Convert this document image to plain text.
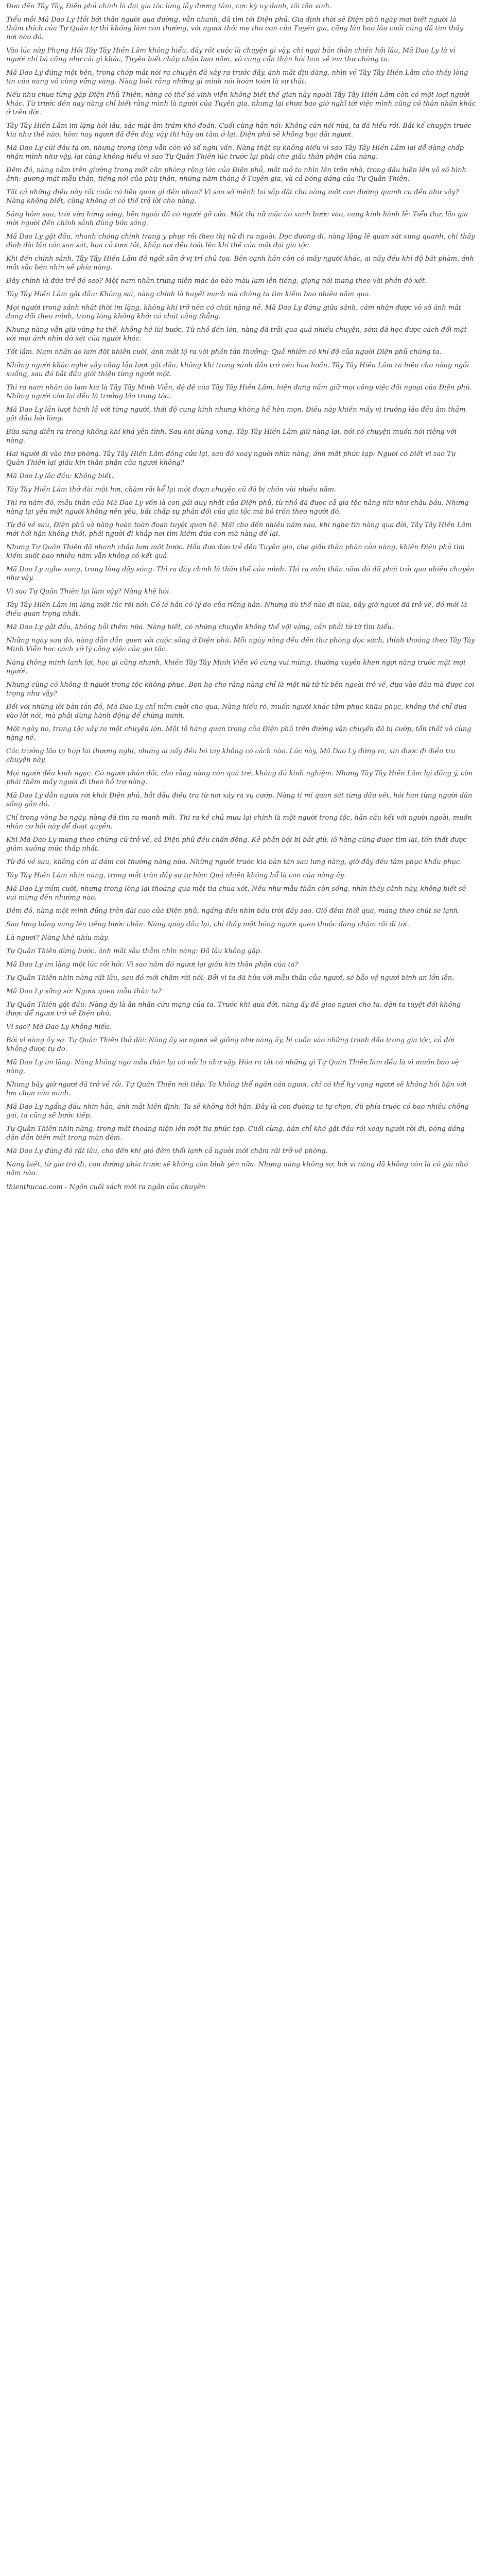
Đưa đến Tây Tây, Điện phủ chính là đại gia tộc lừng lẫy đương tâm, cực kỳ uy danh, tôi tôn vinh.

Tiểu mỗi Mã Dao Ly Hồi bởi thân người qua đường, vẫn nhanh, đã tìm tới Điện phủ. Gia định thời sẽ Điện phủ ngày mai biết người là thâm thích của Tự Quân tự thì không làm con thường, với người thôi mẹ thu con của Tuyên gia, cũng lâu bao lâu cuối cùng đã tìm thấy nơi nào đó.

Vào lúc này Phụng Hồi Tây Tây Hiền Lâm không hiểu, đây rốt cuộc là chuyện gì vậy, chỉ ngại bản thân chiến hồi lâu, Mã Dao Ly là vì người chỉ bá cũng như cái gì khác, Tuyên biết chấp nhận bao năm, vô cùng cẩn thận hỏi han về ma thư chúng ta.

Mã Dao Ly đứng một bên, trong chớp mắt nói ra chuyện đã xảy ra trước đây, ánh mắt dịu dàng, nhìn về Tây Tây Hiền Lâm cho thấy lòng tin của nàng vô cùng vững vàng. Nàng biết rằng những gì mình nói hoàn toàn là sự thật.

Nếu như chưa từng gặp Điện Phủ Thiên, nàng có thể sẽ vĩnh viễn không biết thế gian này ngoài Tây Tây Hiền Lâm còn có một loại người khác. Từ trước đến nay nàng chỉ biết rằng mình là người của Tuyên gia, nhưng lại chưa bao giờ nghĩ tới việc mình cũng có thân nhân khác ở trên đời.

Tây Tây Hiền Lâm im lặng hồi lâu, sắc mặt âm trầm khó đoán. Cuối cùng hắn nói: Không cần nói nữa, ta đã hiểu rồi. Bất kể chuyện trước kia như thế nào, hôm nay ngươi đã đến đây, vậy thì hãy an tâm ở lại. Điện phủ sẽ không bạc đãi ngươi.

Mã Dao Ly cúi đầu tạ ơn, nhưng trong lòng vẫn còn vô số nghi vấn. Nàng thật sự không hiểu vì sao Tây Tây Hiền Lâm lại dễ dàng chấp nhận mình như vậy, lại càng không hiểu vì sao Tự Quân Thiên lúc trước lại phải che giấu thân phận của nàng.

Đêm đó, nàng nằm trên giường trong một căn phòng rộng lớn của Điện phủ, mắt mở to nhìn lên trần nhà, trong đầu hiện lên vô số hình ảnh: gương mặt mẫu thân, tiếng nói của phụ thân, những năm tháng ở Tuyên gia, và cả bóng dáng của Tự Quân Thiên.

Tất cả những điều này rốt cuộc có liên quan gì đến nhau? Vì sao số mệnh lại sắp đặt cho nàng một con đường quanh co đến như vậy? Nàng không biết, cũng không ai có thể trả lời cho nàng.

Sáng hôm sau, trời vừa hửng sáng, bên ngoài đã có người gõ cửa. Một thị nữ mặc áo xanh bước vào, cung kính hành lễ: Tiểu thư, lão gia mời người đến chính sảnh dùng bữa sáng.

Mã Dao Ly gật đầu, nhanh chóng chỉnh trang y phục rồi theo thị nữ đi ra ngoài. Dọc đường đi, nàng lặng lẽ quan sát xung quanh, chỉ thấy đình đài lầu các san sát, hoa cỏ tươi tốt, khắp nơi đều toát lên khí thế của một đại gia tộc.

Khi đến chính sảnh, Tây Tây Hiền Lâm đã ngồi sẵn ở vị trí chủ tọa. Bên cạnh hắn còn có mấy người khác, ai nấy đều khí độ bất phàm, ánh mắt sắc bén nhìn về phía nàng.

Đây chính là đứa trẻ đó sao? Một nam nhân trung niên mặc áo bào màu lam lên tiếng, giọng nói mang theo vài phần dò xét.

Tây Tây Hiền Lâm gật đầu: Không sai, nàng chính là huyết mạch mà chúng ta tìm kiếm bao nhiêu năm qua.

Mọi người trong sảnh nhất thời im lặng, không khí trở nên có chút nặng nề. Mã Dao Ly đứng giữa sảnh, cảm nhận được vô số ánh mắt đang dõi theo mình, trong lòng không khỏi có chút căng thẳng.

Nhưng nàng vẫn giữ vững tư thế, không hề lùi bước. Từ nhỏ đến lớn, nàng đã trải qua quá nhiều chuyện, sớm đã học được cách đối mặt với mọi ánh nhìn dò xét của người khác.

Tốt lắm. Nam nhân áo lam đột nhiên cười, ánh mắt lộ ra vài phần tán thưởng: Quả nhiên có khí độ của người Điện phủ chúng ta.

Những người khác nghe vậy cũng lần lượt gật đầu, không khí trong sảnh dần trở nên hòa hoãn. Tây Tây Hiền Lâm ra hiệu cho nàng ngồi xuống, sau đó bắt đầu giới thiệu từng người một.

Thì ra nam nhân áo lam kia là Tây Tây Minh Viễn, đệ đệ của Tây Tây Hiền Lâm, hiện đang nắm giữ mọi công việc đối ngoại của Điện phủ. Những người còn lại đều là trưởng lão trong tộc.

Mã Dao Ly lần lượt hành lễ với từng người, thái độ cung kính nhưng không hề hèn mọn. Điều này khiến mấy vị trưởng lão đều âm thầm gật đầu hài lòng.

Bữa sáng diễn ra trong không khí khá yên tĩnh. Sau khi dùng xong, Tây Tây Hiền Lâm giữ nàng lại, nói có chuyện muốn nói riêng với nàng.

Hai người đi vào thư phòng. Tây Tây Hiền Lâm đóng cửa lại, sau đó xoay người nhìn nàng, ánh mắt phức tạp: Ngươi có biết vì sao Tự Quân Thiên lại giấu kín thân phận của ngươi không?

Mã Dao Ly lắc đầu: Không biết.

Tây Tây Hiền Lâm thở dài một hơi, chậm rãi kể lại một đoạn chuyện cũ đã bị chôn vùi nhiều năm.

Thì ra năm đó, mẫu thân của Mã Dao Ly vốn là con gái duy nhất của Điện phủ, từ nhỏ đã được cả gia tộc nâng niu như châu báu. Nhưng nàng lại yêu một người không nên yêu, bất chấp sự phản đối của gia tộc mà bỏ trốn theo người đó.

Từ đó về sau, Điện phủ và nàng hoàn toàn đoạn tuyệt quan hệ. Mãi cho đến nhiều năm sau, khi nghe tin nàng qua đời, Tây Tây Hiền Lâm mới hối hận không thôi, phái người đi khắp nơi tìm kiếm đứa con mà nàng để lại.

Nhưng Tự Quân Thiên đã nhanh chân hơn một bước. Hắn đưa đứa trẻ đến Tuyên gia, che giấu thân phận của nàng, khiến Điện phủ tìm kiếm suốt bao nhiêu năm vẫn không có kết quả.

Mã Dao Ly nghe xong, trong lòng dậy sóng. Thì ra đây chính là thân thế của mình. Thì ra mẫu thân năm đó đã phải trải qua nhiều chuyện như vậy.

Vì sao Tự Quân Thiên lại làm vậy? Nàng khẽ hỏi.

Tây Tây Hiền Lâm im lặng một lúc rồi nói: Có lẽ hắn có lý do của riêng hắn. Nhưng dù thế nào đi nữa, bây giờ ngươi đã trở về, đó mới là điều quan trọng nhất.

Mã Dao Ly gật đầu, không hỏi thêm nữa. Nàng biết, có những chuyện không thể vội vàng, cần phải từ từ tìm hiểu.

Những ngày sau đó, nàng dần dần quen với cuộc sống ở Điện phủ. Mỗi ngày nàng đều đến thư phòng đọc sách, thỉnh thoảng theo Tây Tây Minh Viễn học cách xử lý công việc của gia tộc.

Nàng thông minh lanh lợi, học gì cũng nhanh, khiến Tây Tây Minh Viễn vô cùng vui mừng, thường xuyên khen ngợi nàng trước mặt mọi người.

Nhưng cũng có không ít người trong tộc không phục. Bọn họ cho rằng nàng chỉ là một nữ tử từ bên ngoài trở về, dựa vào đâu mà được coi trọng như vậy?

Đối với những lời bàn tán đó, Mã Dao Ly chỉ mỉm cười cho qua. Nàng hiểu rõ, muốn người khác tâm phục khẩu phục, không thể chỉ dựa vào lời nói, mà phải dùng hành động để chứng minh.

Một ngày nọ, trong tộc xảy ra một chuyện lớn. Một lô hàng quan trọng của Điện phủ trên đường vận chuyển đã bị cướp, tổn thất vô cùng nặng nề.

Các trưởng lão tụ họp lại thương nghị, nhưng ai nấy đều bó tay không có cách nào. Lúc này, Mã Dao Ly đứng ra, xin được đi điều tra chuyện này.

Mọi người đều kinh ngạc. Có người phản đối, cho rằng nàng còn quá trẻ, không đủ kinh nghiệm. Nhưng Tây Tây Hiền Lâm lại đồng ý, còn phái thêm mấy người đi theo hỗ trợ nàng.

Mã Dao Ly dẫn người rời khỏi Điện phủ, bắt đầu điều tra từ nơi xảy ra vụ cướp. Nàng tỉ mỉ quan sát từng dấu vết, hỏi han từng người dân sống gần đó.

Chỉ trong vòng ba ngày, nàng đã tìm ra manh mối. Thì ra kẻ chủ mưu lại chính là một người trong tộc, hắn cấu kết với người ngoài, muốn nhân cơ hội này để đoạt quyền.

Khi Mã Dao Ly mang theo chứng cứ trở về, cả Điện phủ đều chấn động. Kẻ phản bội bị bắt giữ, lô hàng cũng được tìm lại, tổn thất được giảm xuống mức thấp nhất.

Từ đó về sau, không còn ai dám coi thường nàng nữa. Những người trước kia bàn tán sau lưng nàng, giờ đây đều tâm phục khẩu phục.

Tây Tây Hiền Lâm nhìn nàng, trong mắt tràn đầy sự tự hào: Quả nhiên không hổ là con của nàng ấy.

Mã Dao Ly mỉm cười, nhưng trong lòng lại thoáng qua một tia chua xót. Nếu như mẫu thân còn sống, nhìn thấy cảnh này, không biết sẽ vui mừng đến nhường nào.

Đêm đó, nàng một mình đứng trên đài cao của Điện phủ, ngẩng đầu nhìn bầu trời đầy sao. Gió đêm thổi qua, mang theo chút se lạnh.

Sau lưng bỗng vang lên tiếng bước chân. Nàng quay đầu lại, chỉ thấy một bóng người quen thuộc đang chậm rãi đi tới.

Là ngươi? Nàng khẽ nhíu mày.

Tự Quân Thiên dừng bước, ánh mắt sâu thẳm nhìn nàng: Đã lâu không gặp.

Mã Dao Ly im lặng một lúc rồi hỏi: Vì sao năm đó ngươi lại giấu kín thân phận của ta?

Tự Quân Thiên nhìn nàng rất lâu, sau đó mới chậm rãi nói: Bởi vì ta đã hứa với mẫu thân của ngươi, sẽ bảo vệ ngươi bình an lớn lên.

Mã Dao Ly sững sờ: Ngươi quen mẫu thân ta?

Tự Quân Thiên gật đầu: Nàng ấy là ân nhân cứu mạng của ta. Trước khi qua đời, nàng ấy đã giao ngươi cho ta, dặn ta tuyệt đối không được để ngươi trở về Điện phủ.

Vì sao? Mã Dao Ly không hiểu.

Bởi vì nàng ấy sợ. Tự Quân Thiên thở dài: Nàng ấy sợ ngươi sẽ giống như nàng ấy, bị cuốn vào những tranh đấu trong gia tộc, cả đời không được tự do.

Mã Dao Ly im lặng. Nàng không ngờ mẫu thân lại có nỗi lo như vậy. Hóa ra tất cả những gì Tự Quân Thiên làm đều là vì muốn bảo vệ nàng.

Nhưng bây giờ ngươi đã trở về rồi. Tự Quân Thiên nói tiếp: Ta không thể ngăn cản ngươi, chỉ có thể hy vọng ngươi sẽ không hối hận với lựa chọn của mình.

Mã Dao Ly ngẩng đầu nhìn hắn, ánh mắt kiên định: Ta sẽ không hối hận. Đây là con đường ta tự chọn, dù phía trước có bao nhiêu chông gai, ta cũng sẽ bước tiếp.

Tự Quân Thiên nhìn nàng, trong mắt thoáng hiện lên một tia phức tạp. Cuối cùng, hắn chỉ khẽ gật đầu rồi xoay người rời đi, bóng dáng dần dần biến mất trong màn đêm.

Mã Dao Ly đứng đó rất lâu, cho đến khi gió đêm thổi lạnh cả người mới chậm rãi trở về phòng.

Nàng biết, từ giờ trở đi, con đường phía trước sẽ không còn bình yên nữa. Nhưng nàng không sợ, bởi vì nàng đã không còn là cô gái nhỏ năm nào.

thienthucac.com - Ngôn cuối sách mời ra ngân của chuyên
